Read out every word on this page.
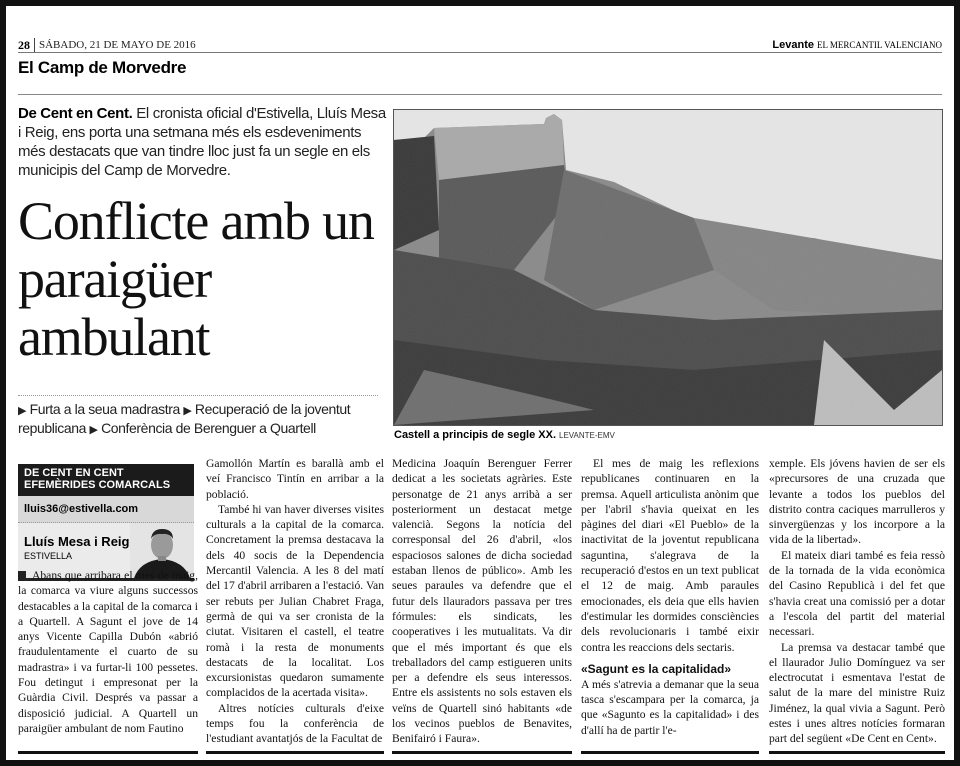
28 SÁBADO, 21 DE MAYO DE 2016	Levante EL MERCANTIL VALENCIANO
El Camp de Morvedre
De Cent en Cent. El cronista oficial d'Estivella, Lluís Mesa i Reig, ens porta una setmana més els esdeveniments més destacats que van tindre lloc just fa un segle en els municipis del Camp de Morvedre.
Conflicte amb un paraigüer ambulant
▶ Furta a la seua madrastra ▶ Recuperació de la joventut republicana ▶ Conferència de Berenguer a Quartell	Castell a principis de segle XX. LEVANTE-EMV
DE CENT EN CENT
EFEMÈRIDES COMARCALS
lluis36@estivella.com
Lluís Mesa i Reig
ESTIVELLA

Abans que arribara el mes de maig, la comarca va viure alguns successos destacables a la capital de la comarca i a Quartell. A Sagunt el jove de 14 anys Vicente Capilla Dubón «abrió fraudulentamente el cuarto de su madrastra» i va furtar-li 100 pessetes. Fou detingut i empresonat per la Guàrdia Civil. Després va passar a disposició judicial. A Quartell un paraigüer ambulant de nom Fautino

Gamollón Martín es barallà amb el veí Francisco Tintín en arribar a la població.

També hi van haver diverses visites culturals a la capital de la comarca. Concretament la premsa destacava la dels 40 socis de la Dependencia Mercantil Valencia. A les 8 del matí del 17 d'abril arribaren a l'estació. Van ser rebuts per Julian Chabret Fraga, germà de qui va ser cronista de la ciutat. Visitaren el castell, el teatre romà i la resta de monuments destacats de la localitat. Los excursionistas quedaron sumamente complacidos de la acertada visita».

Altres notícies culturals d'eixe temps fou la conferència de l'estudiant avantatjós de la Facultat de

Medicina Joaquín Berenguer Ferrer dedicat a les societats agràries. Este personatge de 21 anys arribà a ser posteriorment un destacat metge valencià. Segons la notícia del corresponsal del 26 d'abril, «los espaciosos salones de dicha sociedad estaban llenos de público». Amb les seues paraules va defendre que el futur dels llauradors passava per tres fórmules: els sindicats, les cooperatives i les mutualitats. Va dir que el més important és que els treballadors del camp estigueren units per a defendre els seus interessos. Entre els assistents no sols estaven els veïns de Quartell sinó habitants «de los vecinos pueblos de Benavites, Benifairó i Faura».

El mes de maig les reflexions republicanes continuaren en la premsa. Aquell articulista anònim que per l'abril s'havia queixat en les pàgines del diari «El Pueblo» de la inactivitat de la joventut republicana saguntina, s'alegrava de la recuperació d'estos en un text publicat el 12 de maig. Amb paraules emocionades, els deia que ells havien d'estimular les dormides consciències dels revolucionaris i també eixir contra les reaccions dels sectaris.

«Sagunt es la capitalidad»

A més s'atrevia a demanar que la seua tasca s'escampara per la comarca, ja que «Sagunto es la capitalidad» i des d'allí ha de partir l'e-

xemple. Els jóvens havien de ser els «precursores de una cruzada que levante a todos los pueblos del distrito contra caciques marrulleros y sinvergüenzas y los incorpore a la vida de la libertad».

El mateix diari també es feia ressò de la tornada de la vida econòmica del Casino Republicà i del fet que s'havia creat una comissió per a dotar a l'escola del partit del material necessari.

La premsa va destacar també que el llaurador Julio Domínguez va ser electrocutat i esmentava l'estat de salut de la mare del ministre Ruiz Jiménez, la qual vivia a Sagunt. Però estes i unes altres notícies formaran part del següent «De Cent en Cent».
